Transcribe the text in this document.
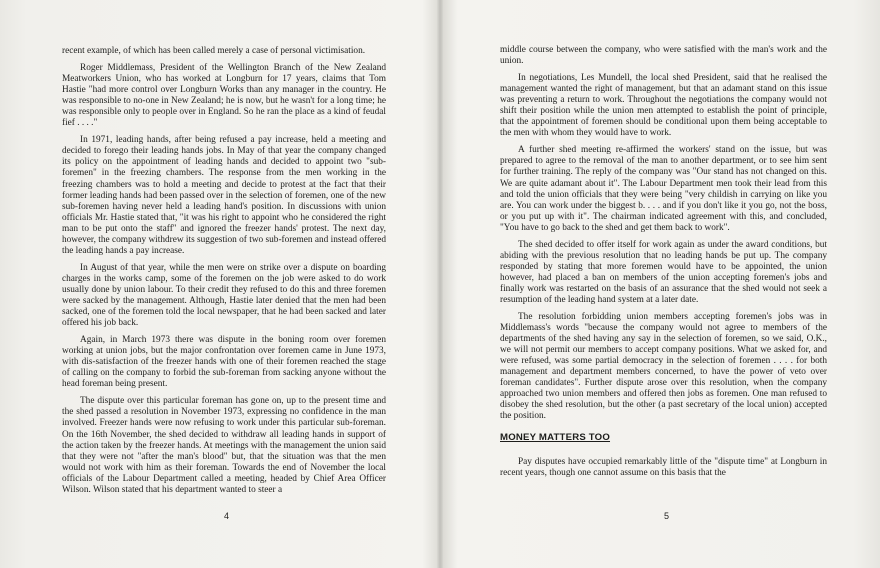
recent example, of which has been called merely a case of personal victimisation.

Roger Middlemass, President of the Wellington Branch of the New Zealand Meatworkers Union, who has worked at Longburn for 17 years, claims that Tom Hastie "had more control over Longburn Works than any manager in the country. He was responsible to no-one in New Zealand; he is now, but he wasn't for a long time; he was responsible only to people over in England. So he ran the place as a kind of feudal fief . . . ."

In 1971, leading hands, after being refused a pay increase, held a meeting and decided to forego their leading hands jobs. In May of that year the company changed its policy on the appointment of leading hands and decided to appoint two "sub-foremen" in the freezing chambers. The response from the men working in the freezing chambers was to hold a meeting and decide to protest at the fact that their former leading hands had been passed over in the selection of foremen, one of the new sub-foremen having never held a leading hand's position. In discussions with union officials Mr. Hastie stated that, "it was his right to appoint who he considered the right man to be put onto the staff" and ignored the freezer hands' protest. The next day, however, the company withdrew its suggestion of two sub-foremen and instead offered the leading hands a pay increase.

In August of that year, while the men were on strike over a dispute on boarding charges in the works camp, some of the foremen on the job were asked to do work usually done by union labour. To their credit they refused to do this and three foremen were sacked by the management. Although, Hastie later denied that the men had been sacked, one of the foremen told the local newspaper, that he had been sacked and later offered his job back.

Again, in March 1973 there was dispute in the boning room over foremen working at union jobs, but the major confrontation over foremen came in June 1973, with dis-satisfaction of the freezer hands with one of their foremen reached the stage of calling on the company to forbid the sub-foreman from sacking anyone without the head foreman being present.

The dispute over this particular foreman has gone on, up to the present time and the shed passed a resolution in November 1973, expressing no confidence in the man involved. Freezer hands were now refusing to work under this particular sub-foreman. On the 16th November, the shed decided to withdraw all leading hands in support of the action taken by the freezer hands. At meetings with the management the union said that they were not "after the man's blood" but, that the situation was that the men would not work with him as their foreman. Towards the end of November the local officials of the Labour Department called a meeting, headed by Chief Area Officer Wilson. Wilson stated that his department wanted to steer a

4

middle course between the company, who were satisfied with the man's work and the union.

In negotiations, Les Mundell, the local shed President, said that he realised the management wanted the right of management, but that an adamant stand on this issue was preventing a return to work. Throughout the negotiations the company would not shift their position while the union men attempted to establish the point of principle, that the appointment of foremen should be conditional upon them being acceptable to the men with whom they would have to work.

A further shed meeting re-affirmed the workers' stand on the issue, but was prepared to agree to the removal of the man to another department, or to see him sent for further training. The reply of the company was "Our stand has not changed on this. We are quite adamant about it". The Labour Department men took their lead from this and told the union officials that they were being "very childish in carrying on like you are. You can work under the biggest b. . . . and if you don't like it you go, not the boss, or you put up with it". The chairman indicated agreement with this, and concluded, "You have to go back to the shed and get them back to work".

The shed decided to offer itself for work again as under the award conditions, but abiding with the previous resolution that no leading hands be put up. The company responded by stating that more foremen would have to be appointed, the union however, had placed a ban on members of the union accepting foremen's jobs and finally work was restarted on the basis of an assurance that the shed would not seek a resumption of the leading hand system at a later date.

The resolution forbidding union members accepting foremen's jobs was in Middlemass's words "because the company would not agree to members of the departments of the shed having any say in the selection of foremen, so we said, O.K., we will not permit our members to accept company positions. What we asked for, and were refused, was some partial democracy in the selection of foremen . . . . for both management and department members concerned, to have the power of veto over foreman candidates". Further dispute arose over this resolution, when the company approached two union members and offered then jobs as foremen. One man refused to disobey the shed resolution, but the other (a past secretary of the local union) accepted the position.

MONEY MATTERS TOO

Pay disputes have occupied remarkably little of the "dispute time" at Longburn in recent years, though one cannot assume on this basis that the

5
